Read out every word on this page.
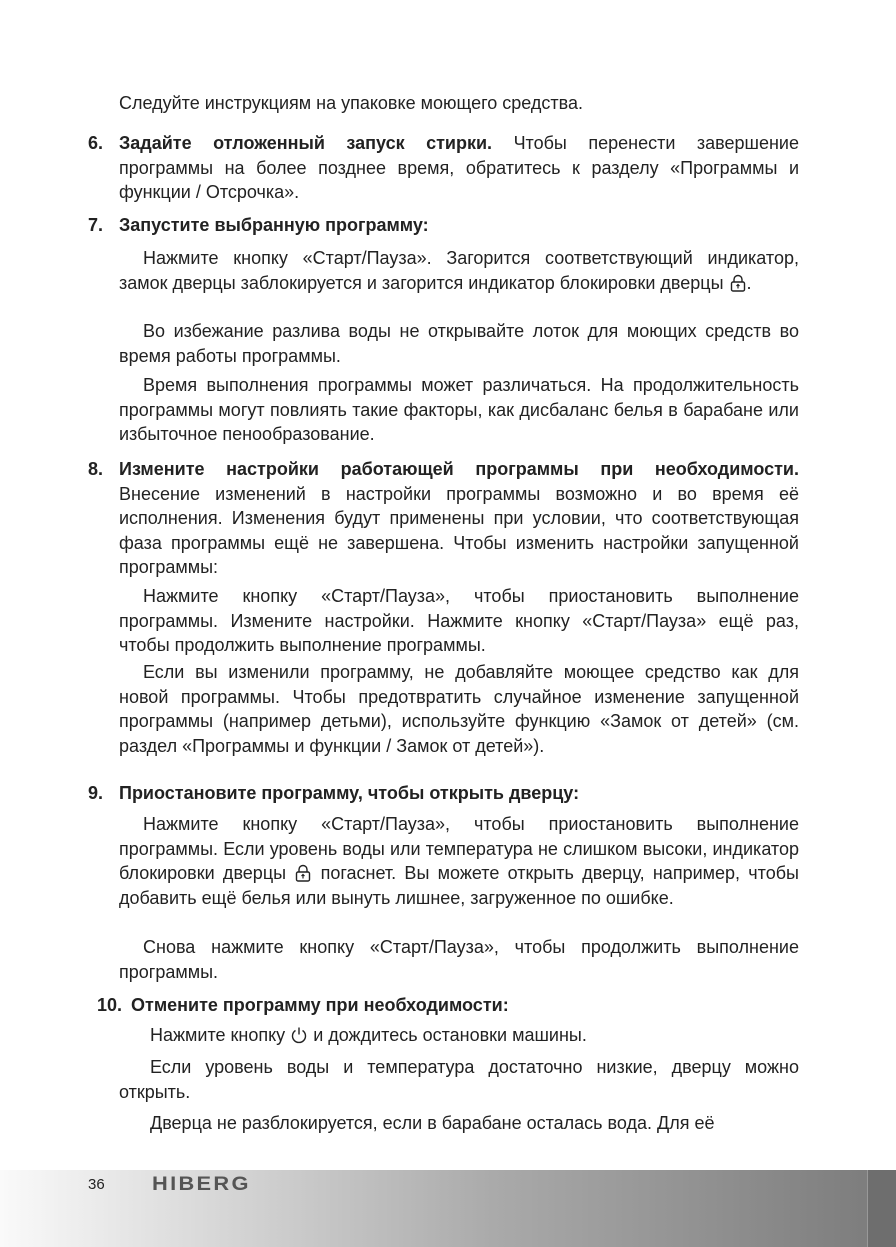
Следуйте инструкциям на упаковке моющего средства.

6. Задайте отложенный запуск стирки. Чтобы перенести завершение программы на более позднее время, обратитесь к разделу «Программы и функции / Отсрочка».
7. Запустите выбранную программу:

Нажмите кнопку «Старт/Пауза». Загорится соответствующий индикатор, замок дверцы заблокируется и загорится индикатор блокировки дверцы .

Во избежание разлива воды не открывайте лоток для моющих средств во время работы программы.

Время выполнения программы может различаться. На продолжительность программы могут повлиять такие факторы, как дисбаланс белья в барабане или избыточное пенообразование.

8. Измените настройки работающей программы при необходимости. Внесение изменений в настройки программы возможно и во время её исполнения. Изменения будут применены при условии, что соответствующая фаза программы ещё не завершена. Чтобы изменить настройки запущенной программы:

Нажмите кнопку «Старт/Пауза», чтобы приостановить выполнение программы. Измените настройки. Нажмите кнопку «Старт/Пауза» ещё раз, чтобы продолжить выполнение программы.

Если вы изменили программу, не добавляйте моющее средство как для новой программы. Чтобы предотвратить случайное изменение запущенной программы (например детьми), используйте функцию «Замок от детей» (см. раздел «Программы и функции / Замок от детей»).

9. Приостановите программу, чтобы открыть дверцу:

Нажмите кнопку «Старт/Пауза», чтобы приостановить выполнение программы. Если уровень воды или температура не слишком высоки, индикатор блокировки дверцы  погаснет. Вы можете открыть дверцу, например, чтобы добавить ещё белья или вынуть лишнее, загруженное по ошибке.

Снова нажмите кнопку «Старт/Пауза», чтобы продолжить выполнение программы.

10. Отмените программу при необходимости:

Нажмите кнопку  и дождитесь остановки машины.

Если уровень воды и температура достаточно низкие, дверцу можно открыть.

Дверца не разблокируется, если в барабане осталась вода. Для её

36 HIBERG
